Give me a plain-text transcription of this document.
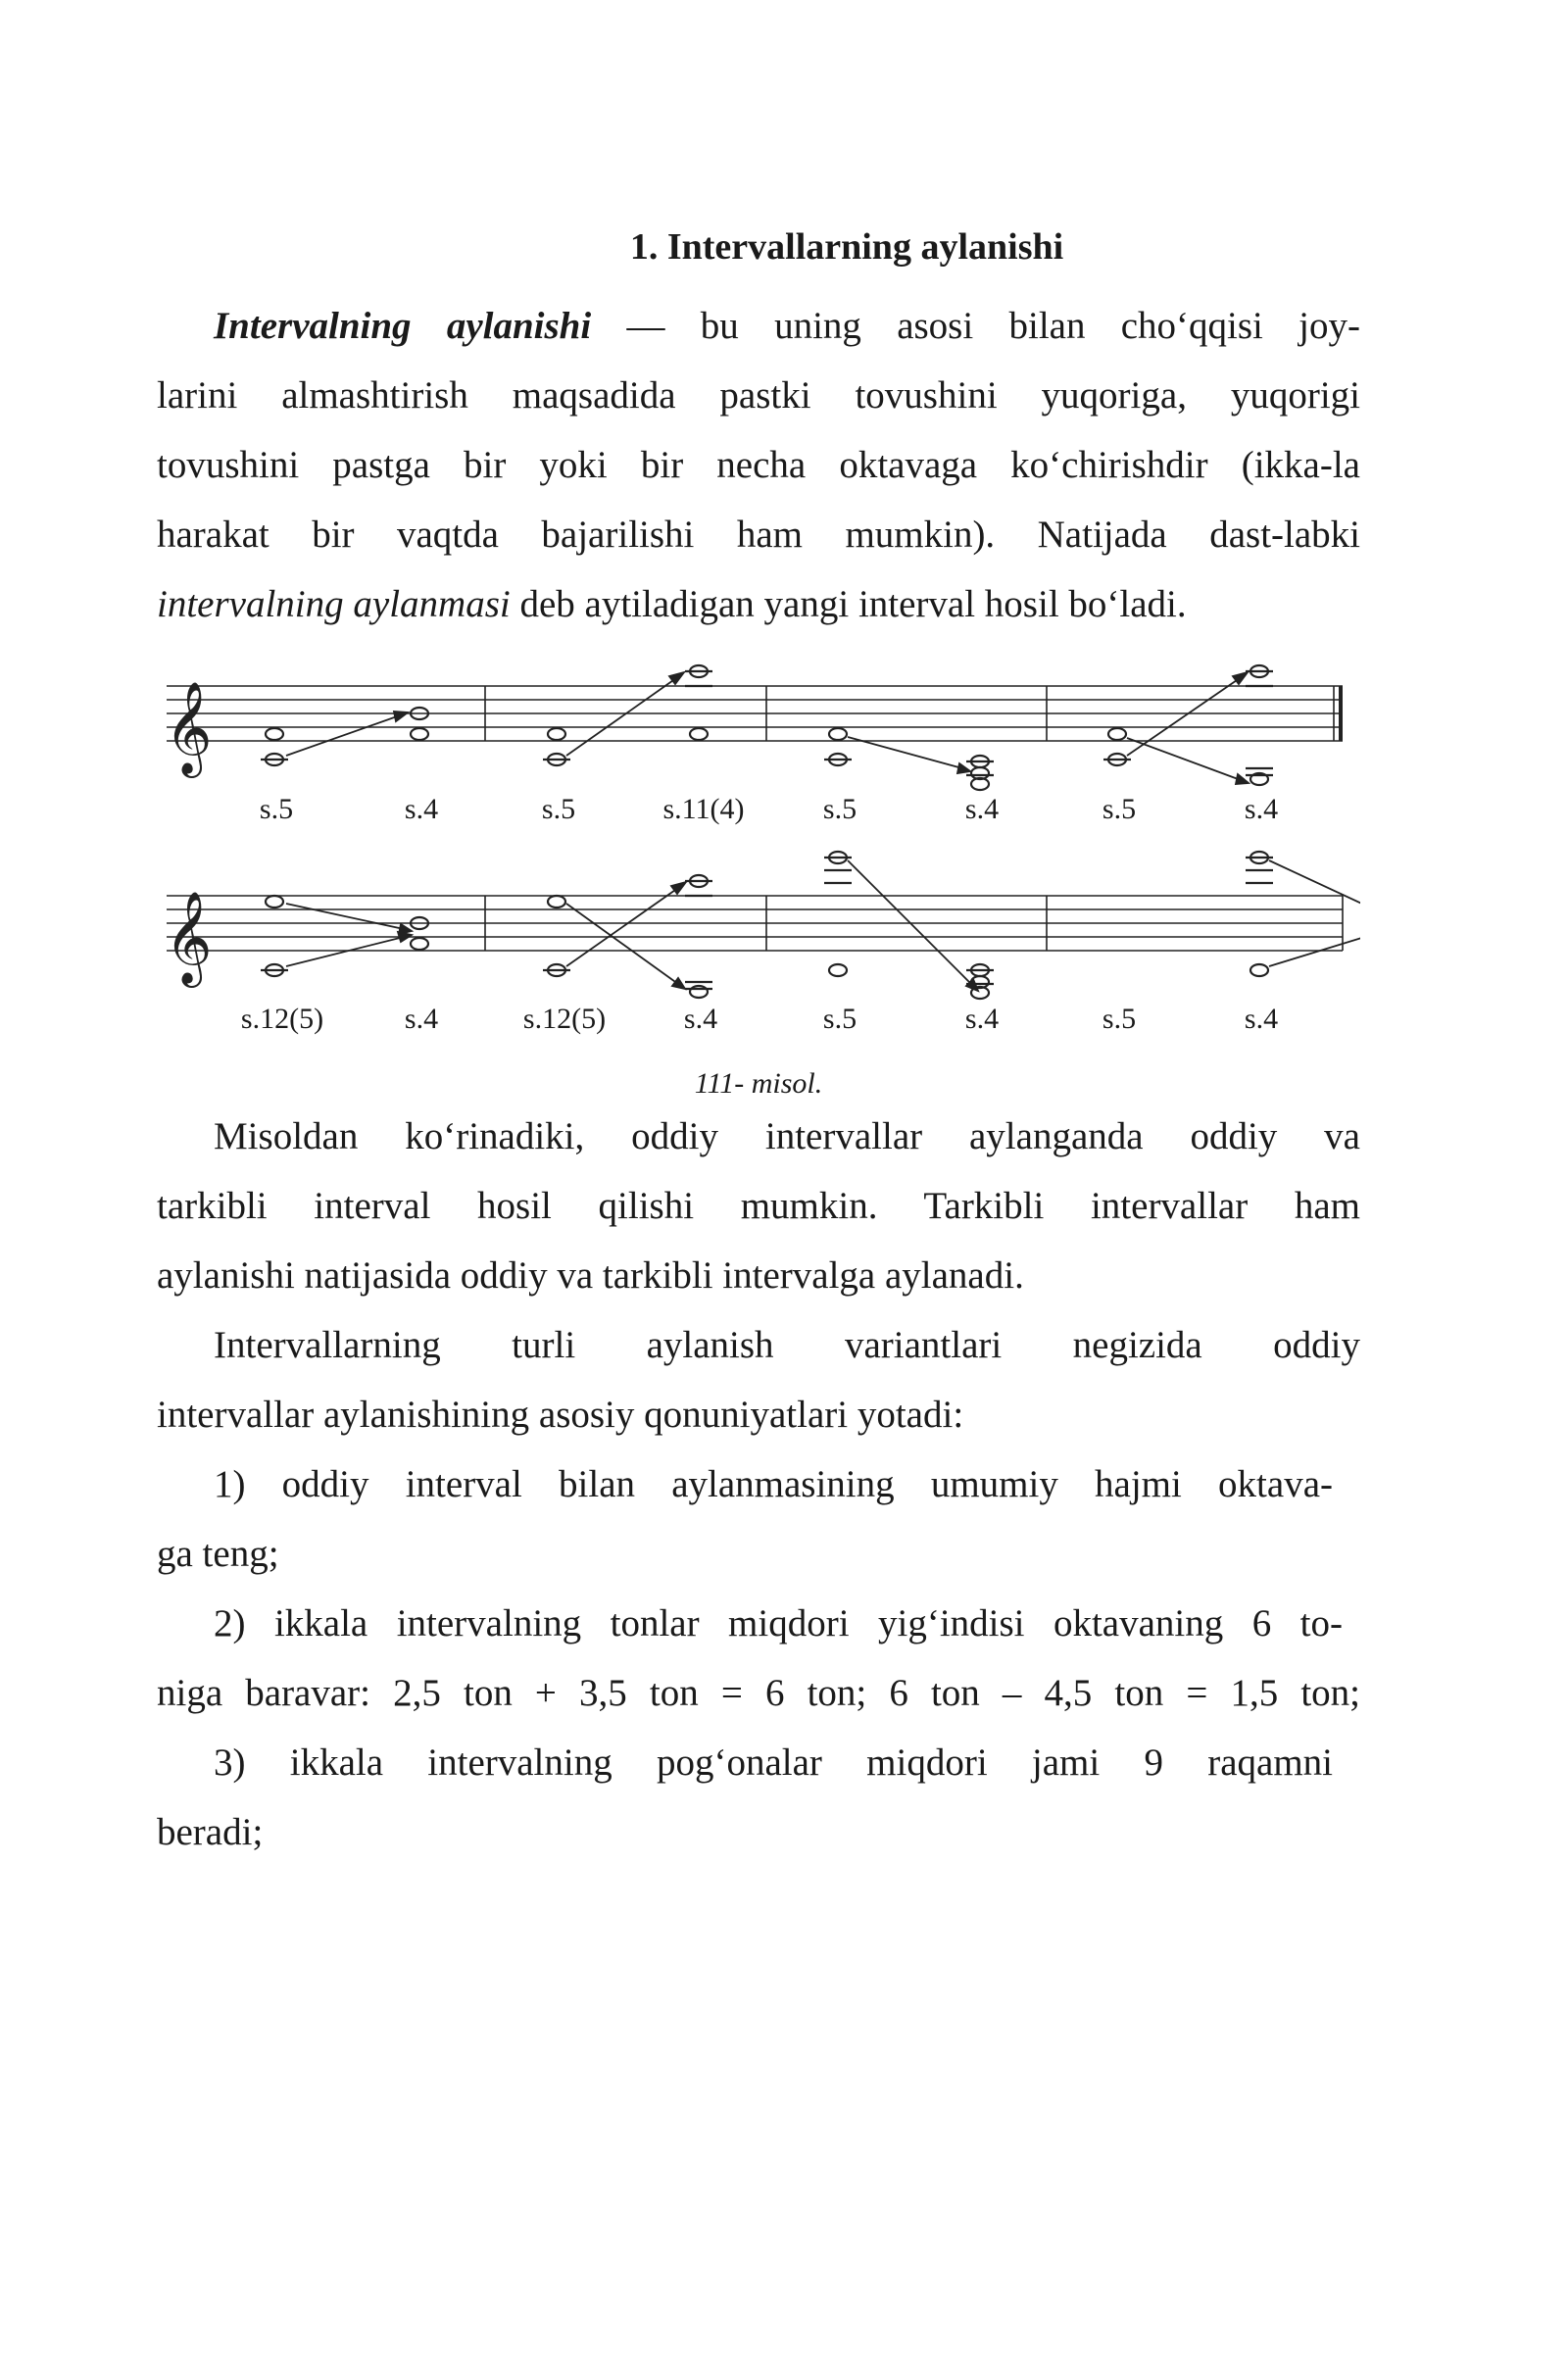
1. Intervallarning aylanishi
Intervalning aylanishi — bu uning asosi bilan cho‘qqisi joy-
larini almashtirish maqsadida pastki tovushini yuqoriga, yuqorigi
tovushini pastga bir yoki bir necha oktavaga ko‘chirishdir (ikka-la
harakat bir vaqtda bajarilishi ham mumkin). Natijada dast-labki
intervalning aylanmasi deb aytiladigan yangi interval hosil bo‘ladi.
𝄞
s.5	s.4	s.5	s.11(4)	s.5	s.4	s.5	s.4
𝄞
s.12(5)	s.4	s.12(5)	s.4	s.5	s.4	s.5	s.4
111- misol.
Misoldan ko‘rinadiki, oddiy intervallar aylanganda oddiy va
tarkibli interval hosil qilishi mumkin. Tarkibli intervallar ham
aylanishi natijasida oddiy va tarkibli intervalga aylanadi.
Intervallarning turli aylanish variantlari negizida oddiy
intervallar aylanishining asosiy qonuniyatlari yotadi:
1) oddiy interval bilan aylanmasining umumiy hajmi oktava-
ga teng;
2) ikkala intervalning tonlar miqdori yig‘indisi oktavaning 6 to-
niga baravar: 2,5 ton + 3,5 ton = 6 ton; 6 ton – 4,5 ton = 1,5 ton;
3) ikkala intervalning pog‘onalar miqdori jami 9 raqamni
beradi;
